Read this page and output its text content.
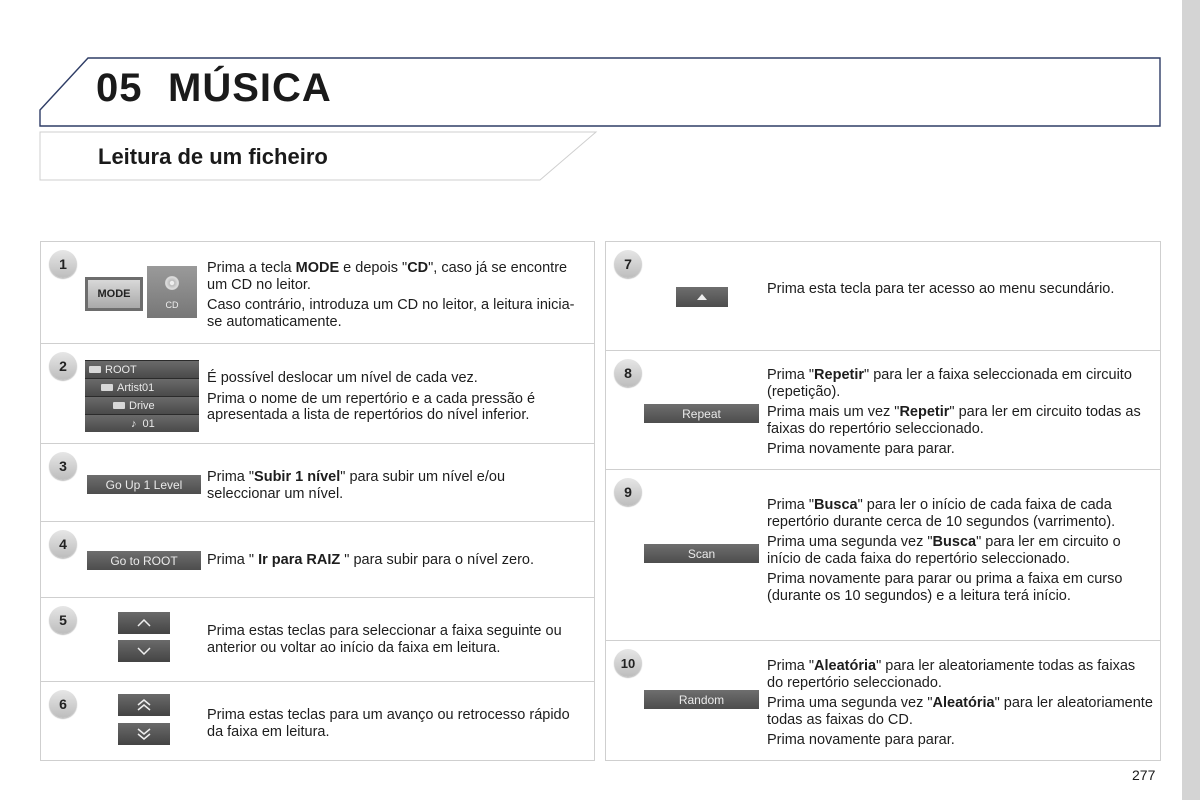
05 MÚSICA
Leitura de um ficheiro
1
MODE
CD

Prima a tecla MODE e depois "CD", caso já se encontre um CD no leitor.

Caso contrário, introduza um CD no leitor, a leitura inicia-se automaticamente.

2	ROOT
Artist01
Drive
♪ 01

É possível deslocar um nível de cada vez.

Prima o nome de um repertório e a cada pressão é apresentada a lista de repertórios do nível inferior.

3
Go Up 1 Level	Prima "Subir 1 nível" para subir um nível e/ou seleccionar um nível.

4
Go to ROOT	Prima " Ir para RAIZ " para subir para o nível zero.

5

Prima estas teclas para seleccionar a faixa seguinte ou anterior ou voltar ao início da faixa em leitura.

6

Prima estas teclas para um avanço ou retrocesso rápido da faixa em leitura.

7

Prima esta tecla para ter acesso ao menu secundário.

8
Repeat

Prima "Repetir" para ler a faixa seleccionada em circuito (repetição).

Prima mais um vez "Repetir" para ler em circuito todas as faixas do repertório seleccionado.

Prima novamente para parar.

9
Scan

Prima "Busca" para ler o início de cada faixa de cada repertório durante cerca de 10 segundos (varrimento).

Prima uma segunda vez "Busca" para ler em circuito o início de cada faixa do repertório seleccionado.

Prima novamente para parar ou prima a faixa em curso (durante os 10 segundos) e a leitura terá início.

10
Random

Prima "Aleatória" para ler aleatoriamente todas as faixas do repertório seleccionado.

Prima uma segunda vez "Aleatória" para ler aleatoriamente todas as faixas do CD.

Prima novamente para parar.

277
